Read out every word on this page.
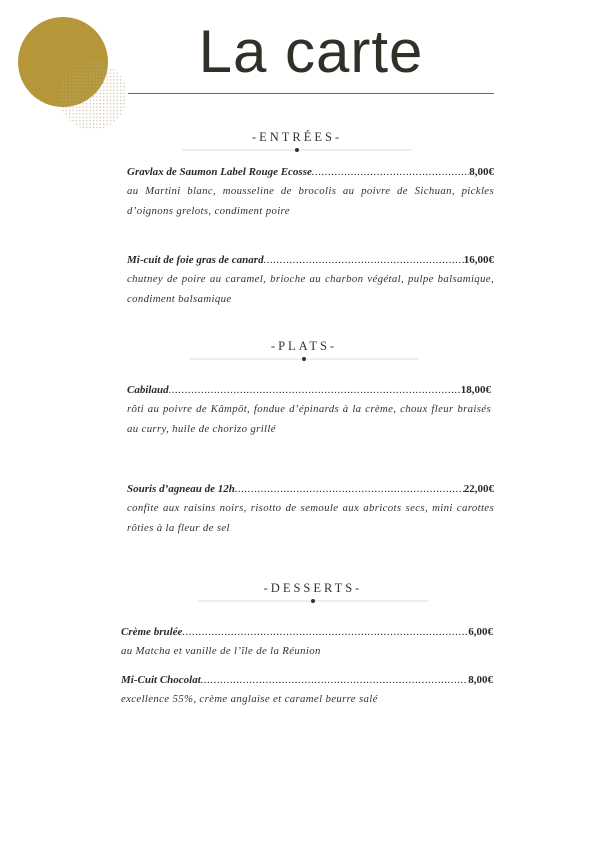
La carte
-ENTRÉES-
Gravlax de Saumon Label Rouge Ecosse .....	8,00€
au Martini blanc, mousseline de brocolis au poivre de Sichuan, pickles d’oignons grelots, condiment poire
Mi-cuit de foie gras de canard .....	16,00€
chutney de poire au caramel, brioche au charbon végétal, pulpe balsamique, condiment balsamique
-PLATS-
Cabilaud .....	18,00€
rôti au poivre de Kâmpôt, fondue d’épinards à la crème, choux fleur braisés au curry, huile de chorizo grillé
Souris d’agneau de 12h .....	22,00€
confite aux raisins noirs, risotto de semoule aux abricots secs, mini carottes rôties à la fleur de sel
-DESSERTS-
Crème brulée .....	6,00€
au Matcha et vanille de l’île de la Réunion
Mi-Cuit Chocolat .....	8,00€
excellence 55%, crème anglaise et caramel beurre salé
